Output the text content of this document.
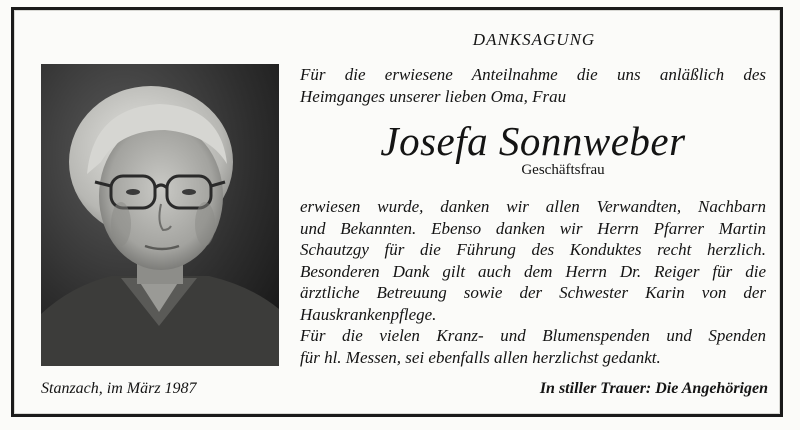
DANKSAGUNG
Für die erwiesene Anteilnahme die uns anläßlich des
Heimganges unserer lieben Oma, Frau
Josefa Sonnweber
Geschäftsfrau
erwiesen wurde, danken wir allen Verwandten, Nachbarn
und Bekannten. Ebenso danken wir Herrn Pfarrer Martin
Schautzgy für die Führung des Konduktes recht herzlich.
Besonderen Dank gilt auch dem Herrn Dr. Reiger für die
ärztliche Betreuung sowie der Schwester Karin von der
Hauskrankenpflege.
Für die vielen Kranz- und Blumenspenden und Spenden
für hl. Messen, sei ebenfalls allen herzlichst gedankt.
Stanzach, im März 1987	In stiller Trauer: Die Angehörigen
